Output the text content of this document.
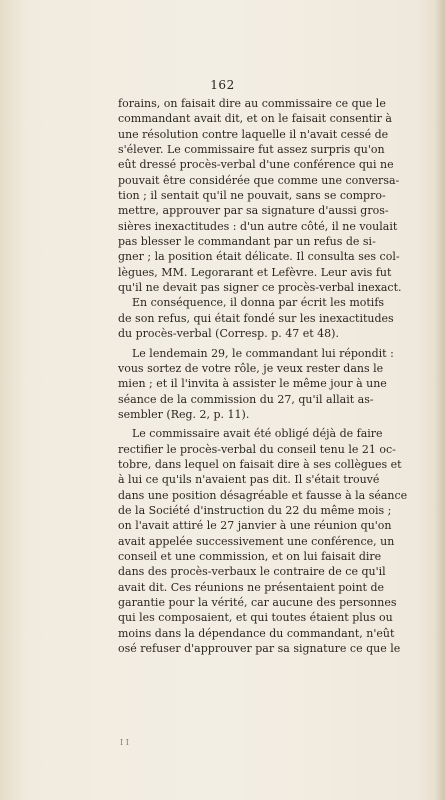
162
forains, on faisait dire au commissaire ce que le
commandant avait dit, et on le faisait consentir à
une résolution contre laquelle il n'avait cessé de
s'élever. Le commissaire fut assez surpris qu'on
eût dressé procès-verbal d'une conférence qui ne
pouvait être considérée que comme une conversa-
tion ; il sentait qu'il ne pouvait, sans se compro-
mettre, approuver par sa signature d'aussi gros-
sières inexactitudes : d'un autre côté, il ne voulait
pas blesser le commandant par un refus de si-
gner ; la position était délicate. Il consulta ses col-
lègues, MM. Legorarant et Lefèvre. Leur avis fut
qu'il ne devait pas signer ce procès-verbal inexact.
En conséquence, il donna par écrit les motifs
de son refus, qui était fondé sur les inexactitudes
du procès-verbal (Corresp. p. 47 et 48).
Le lendemain 29, le commandant lui répondit :
vous sortez de votre rôle, je veux rester dans le
mien ; et il l'invita à assister le même jour à une
séance de la commission du 27, qu'il allait as-
sembler (Reg. 2, p. 11).
Le commissaire avait été obligé déjà de faire
rectifier le procès-verbal du conseil tenu le 21 oc-
tobre, dans lequel on faisait dire à ses collègues et
à lui ce qu'ils n'avaient pas dit. Il s'était trouvé
dans une position désagréable et fausse à la séance
de la Société d'instruction du 22 du même mois ;
on l'avait attiré le 27 janvier à une réunion qu'on
avait appelée successivement une conférence, un
conseil et une commission, et on lui faisait dire
dans des procès-verbaux le contraire de ce qu'il
avait dit. Ces réunions ne présentaient point de
garantie pour la vérité, car aucune des personnes
qui les composaient, et qui toutes étaient plus ou
moins dans la dépendance du commandant, n'eût
osé refuser d'approuver par sa signature ce que le
I I
